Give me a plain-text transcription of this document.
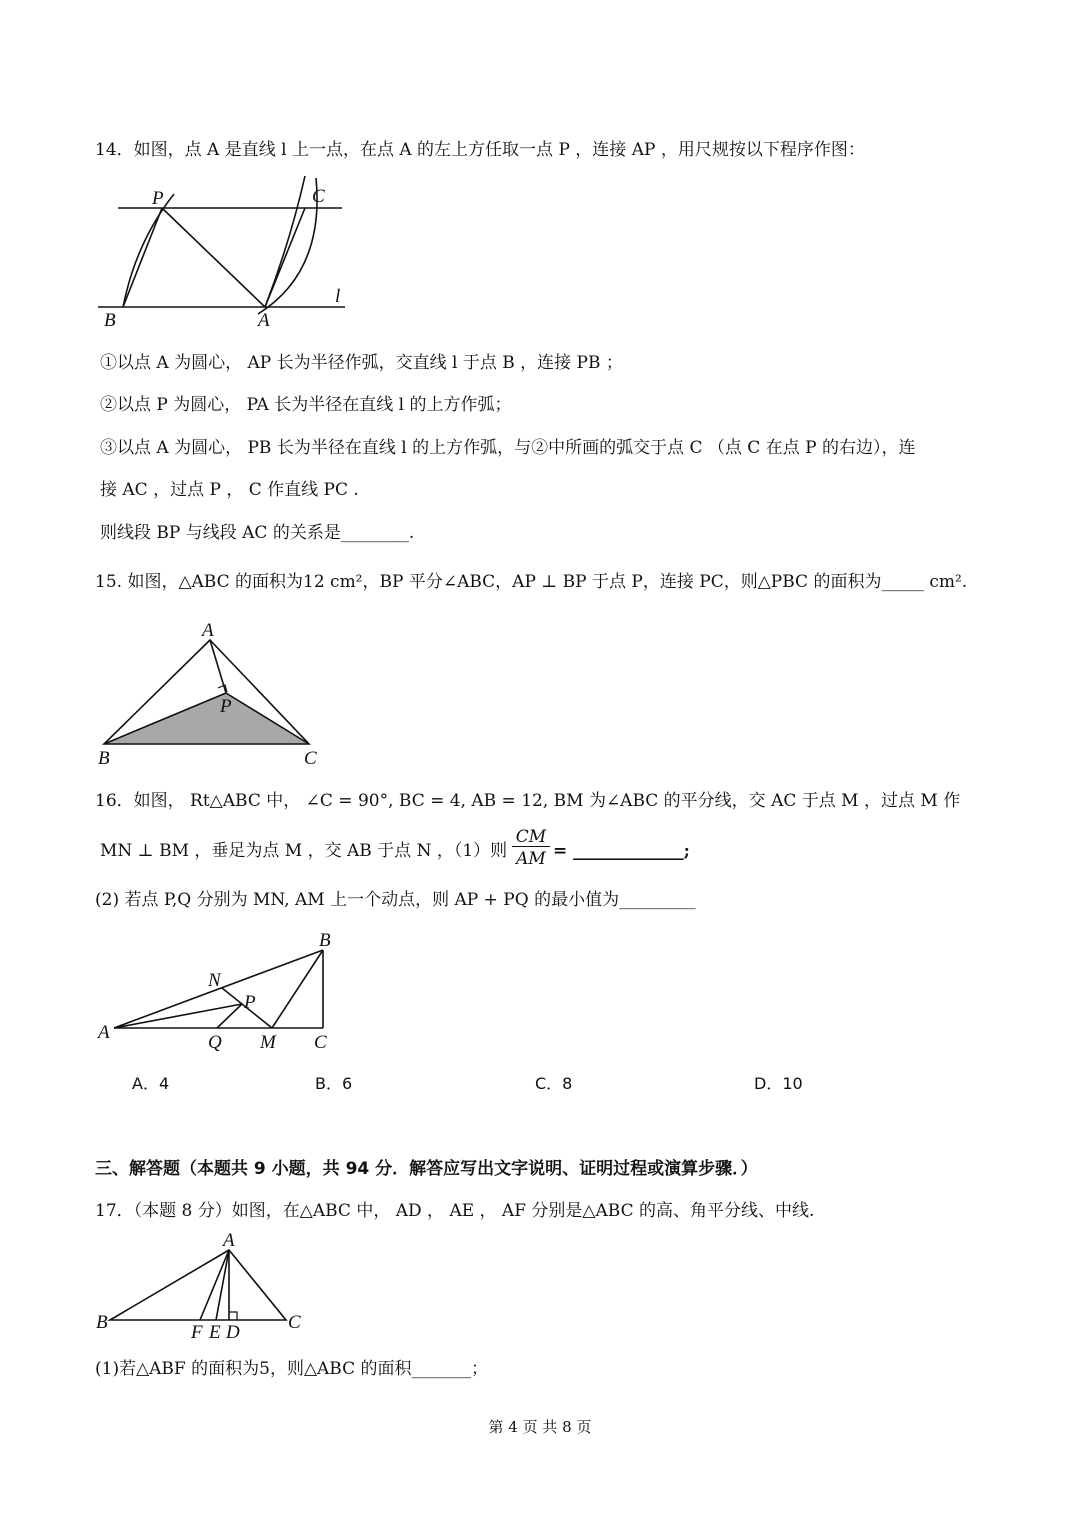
14．如图，点 A 是直线 l 上一点，在点 A 的左上方任取一点 P ，连接 AP ，用尺规按以下程序作图：
P	C
B	A
l
①以点 A 为圆心， AP 长为半径作弧，交直线 l 于点 B ，连接 PB ；
②以点 P 为圆心， PA 长为半径在直线 l 的上方作弧；
③以点 A 为圆心， PB 长为半径在直线 l 的上方作弧，与②中所画的弧交于点 C （点 C 在点 P 的右边），连
接 AC ，过点 P ， C 作直线 PC .
则线段 BP 与线段 AC 的关系是________.
15. 如图，△ABC 的面积为12 cm²，BP 平分∠ABC，AP ⊥ BP 于点 P，连接 PC，则△PBC 的面积为_____ cm².
A
P
B	C
16．如图， Rt△ABC 中， ∠C = 90°, BC = 4, AB = 12, BM 为∠ABC 的平分线，交 AC 于点 M ，过点 M 作
MN ⊥ BM ，垂足为点 M ，交 AB 于点 N ，（1）则
CM
AM = _____________;
(2) 若点 P,Q 分别为 MN, AM 上一个动点，则 AP + PQ 的最小值为_________
B
N
P
A	Q M C
A．4	B．6	C．8	D．10
三、解答题（本题共 9 小题，共 94 分．解答应写出文字说明、证明过程或演算步骤．）
17．（本题 8 分）如图，在△ABC 中， AD ， AE ， AF 分别是△ABC 的高、角平分线、中线.
A
B	C
F E D
(1)若△ABF 的面积为5，则△ABC 的面积_______；
第 4 页 共 8 页
